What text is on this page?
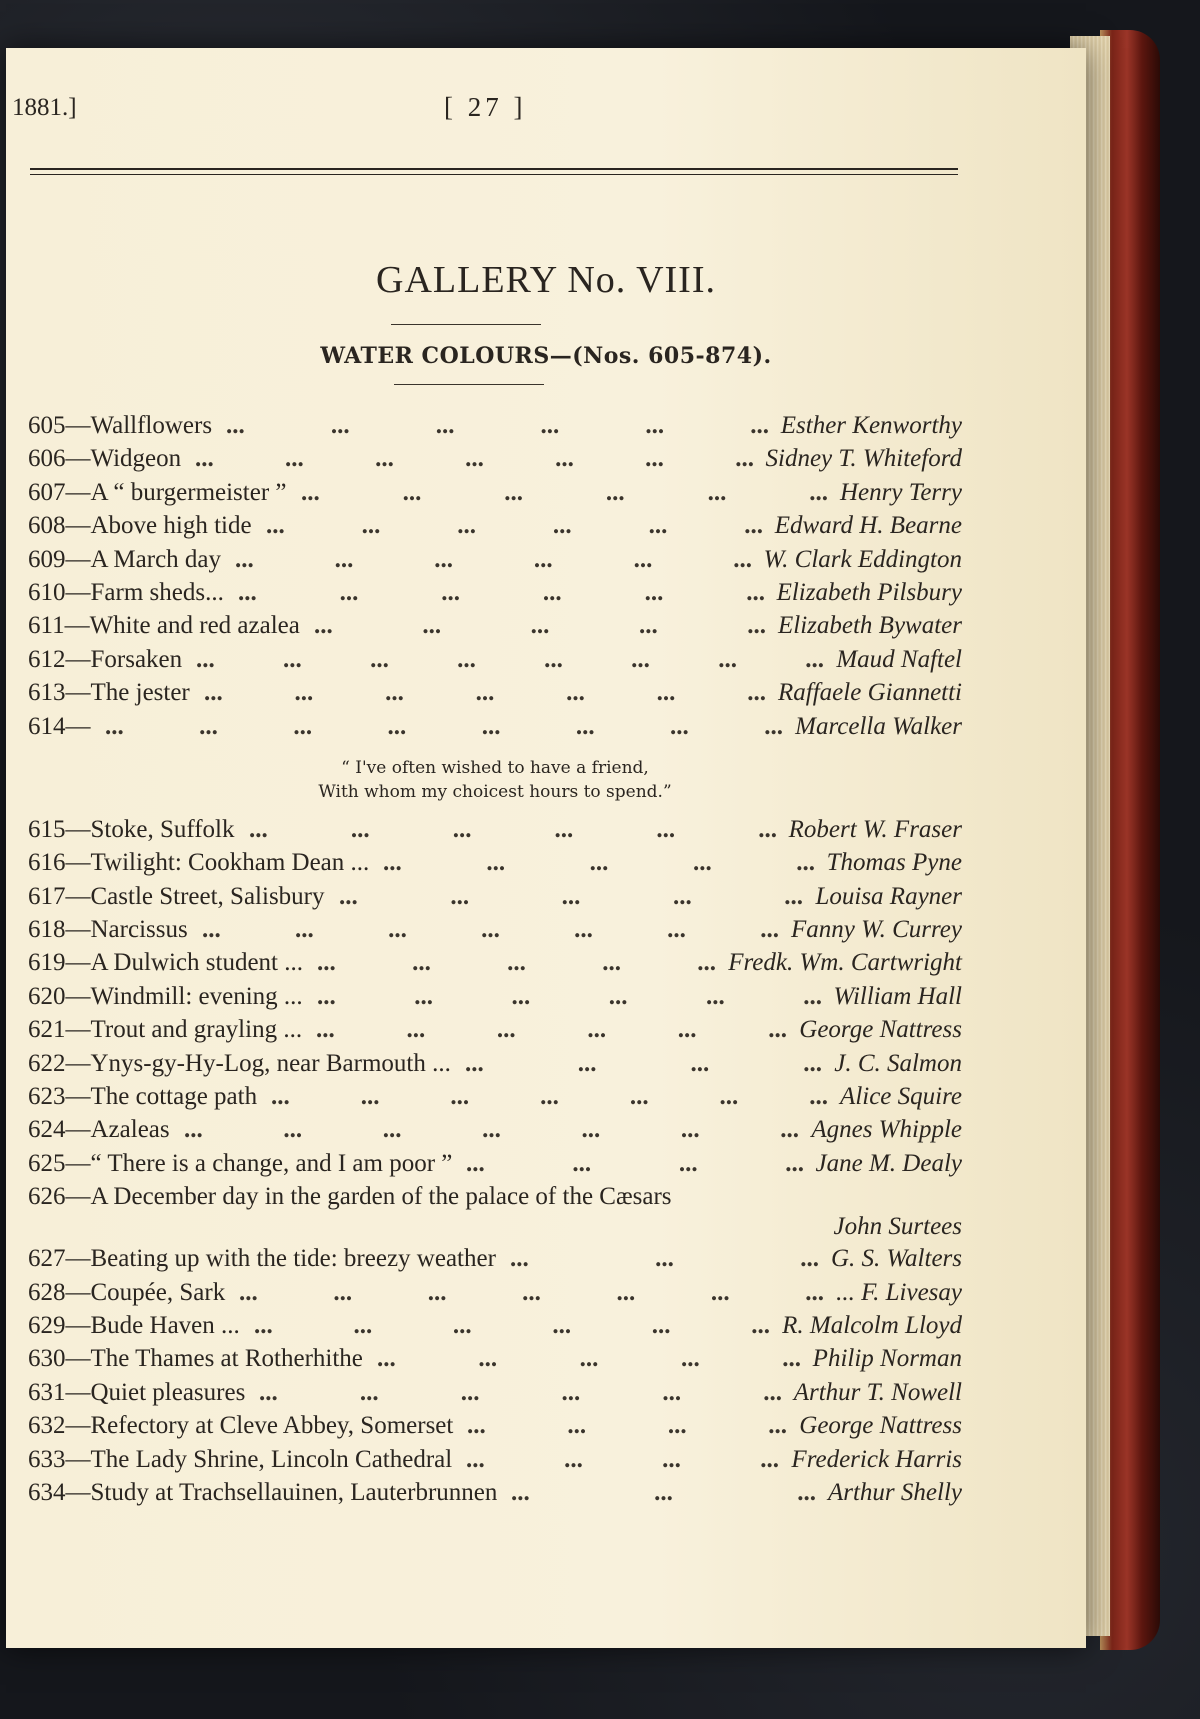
1881.]	[ 27 ]
GALLERY No. VIII.
WATER COLOURS—(Nos. 605-874).
605—Wallflowers	Esther Kenworthy
...	...	...	...	...	...
606—Widgeon	Sidney T. Whiteford
...	...	...	...	...	...	...
607—A “ burgermeister ”	Henry Terry
...	...	...	...	...	...
608—Above high tide	Edward H. Bearne
...	...	...	...	...	...
609—A March day	W. Clark Eddington
...	...	...	...	...	...
610—Farm sheds...	Elizabeth Pilsbury
...	...	...	...	...	...
611—White and red azalea	Elizabeth Bywater
...	...	...	...	...
612—Forsaken	Maud Naftel
...	...	...	...	...	...	...	...
613—The jester	Raffaele Giannetti
...	...	...	...	...	...	...
614—	Marcella Walker
...	...	...	...	...	...	...	...
“ I've often wished to have a friend,
With whom my choicest hours to spend.”
615—Stoke, Suffolk	Robert W. Fraser
...	...	...	...	...	...
616—Twilight: Cookham Dean ...	Thomas Pyne
...	...	...	...	...
617—Castle Street, Salisbury	Louisa Rayner
...	...	...	...	...
618—Narcissus	Fanny W. Currey
...	...	...	...	...	...	...
619—A Dulwich student ...	Fredk. Wm. Cartwright
...	...	...	...	...
620—Windmill: evening ...	William Hall
...	...	...	...	...	...
621—Trout and grayling ...	George Nattress
...	...	...	...	...	...
622—Ynys-gy-Hy-Log, near Barmouth ...	J. C. Salmon
...	...	...	...
623—The cottage path	Alice Squire
...	...	...	...	...	...	...
624—Azaleas	Agnes Whipple
...	...	...	...	...	...	...
625—“ There is a change, and I am poor ”	Jane M. Dealy
...	...	...	...
626—A December day in the garden of the palace of the Cæsars
John Surtees
627—Beating up with the tide: breezy weather	G. S. Walters
...	...	...
628—Coupée, Sark	... F. Livesay
...	...	...	...	...	...	...
629—Bude Haven ...	R. Malcolm Lloyd
...	...	...	...	...	...
630—The Thames at Rotherhithe	Philip Norman
...	...	...	...	...
631—Quiet pleasures	Arthur T. Nowell
...	...	...	...	...	...
632—Refectory at Cleve Abbey, Somerset	George Nattress
...	...	...	...
633—The Lady Shrine, Lincoln Cathedral	Frederick Harris
...	...	...	...
634—Study at Trachsellauinen, Lauterbrunnen	Arthur Shelly
...	...	...
